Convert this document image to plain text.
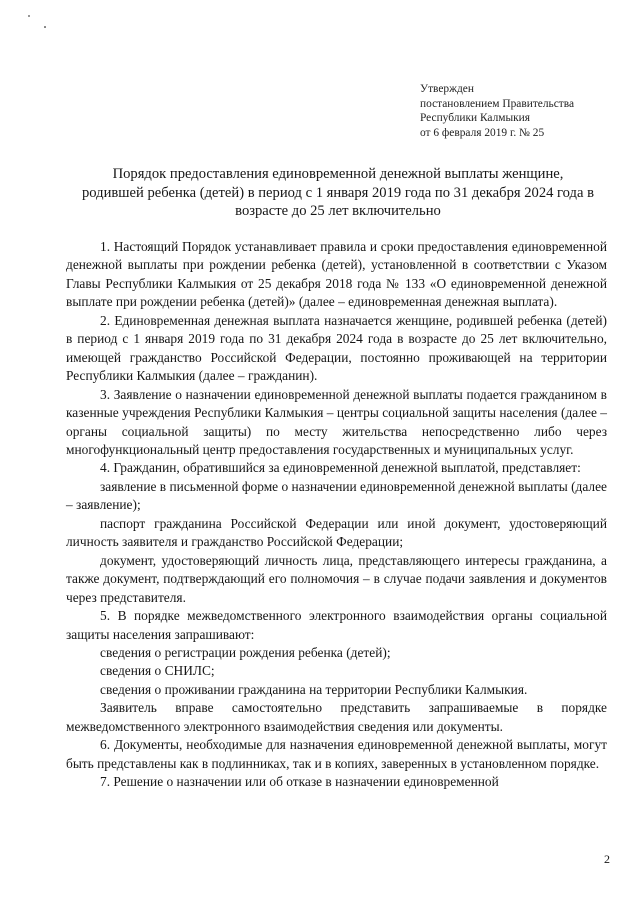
Утвержден
постановлением Правительства
Республики Калмыкия
от 6 февраля 2019 г. № 25
Порядок предоставления единовременной денежной выплаты женщине,
родившей ребенка (детей) в период с 1 января 2019 года по 31 декабря 2024 года в
возрасте до 25 лет включительно

1. Настоящий Порядок устанавливает правила и сроки предоставления единовременной денежной выплаты при рождении ребенка (детей), установленной в соответствии с Указом Главы Республики Калмыкия от 25 декабря 2018 года № 133 «О единовременной денежной выплате при рождении ребенка (детей)» (далее – единовременная денежная выплата).

2. Единовременная денежная выплата назначается женщине, родившей ребенка (детей) в период с 1 января 2019 года по 31 декабря 2024 года в возрасте до 25 лет включительно, имеющей гражданство Российской Федерации, постоянно проживающей на территории Республики Калмыкия (далее – гражданин).

3. Заявление о назначении единовременной денежной выплаты подается гражданином в казенные учреждения Республики Калмыкия – центры социальной защиты населения (далее – органы социальной защиты) по месту жительства непосредственно либо через многофункциональный центр предоставления государственных и муниципальных услуг.

4. Гражданин, обратившийся за единовременной денежной выплатой, представляет:

заявление в письменной форме о назначении единовременной денежной выплаты (далее – заявление);

паспорт гражданина Российской Федерации или иной документ, удостоверяющий личность заявителя и гражданство Российской Федерации;

документ, удостоверяющий личность лица, представляющего интересы гражданина, а также документ, подтверждающий его полномочия – в случае подачи заявления и документов через представителя.

5. В порядке межведомственного электронного взаимодействия органы социальной защиты населения запрашивают:

сведения о регистрации рождения ребенка (детей);

сведения о СНИЛС;

сведения о проживании гражданина на территории Республики Калмыкия.

Заявитель вправе самостоятельно представить запрашиваемые в порядке межведомственного электронного взаимодействия сведения или документы.

6. Документы, необходимые для назначения единовременной денежной выплаты, могут быть представлены как в подлинниках, так и в копиях, заверенных в установленном порядке.

7. Решение о назначении или об отказе в назначении единовременной

2
